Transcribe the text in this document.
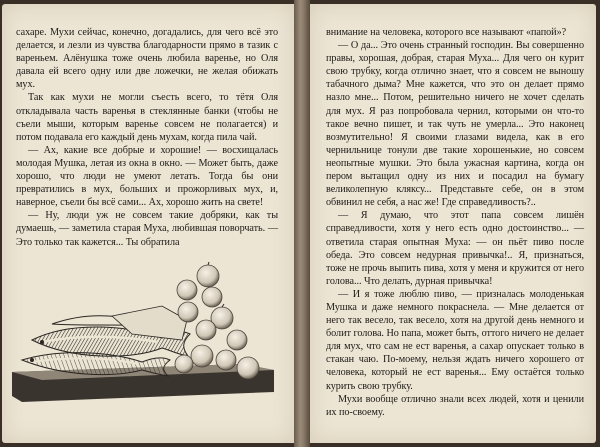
сахаре. Мухи сейчас, конечно, догадались, для чего всё это делается, и лезли из чувства благодарности прямо в тазик с вареньем. Алёнушка тоже очень любила варенье, но Оля давала ей всего одну или две ложечки, не желая обижать мух.

Так как мухи не могли съесть всего, то тётя Оля откладывала часть варенья в стеклянные банки (чтобы не съели мыши, которым варенье совсем не полагается) и потом подавала его каждый день мухам, когда пила чай.

— Ах, какие все добрые и хорошие! — восхищалась молодая Мушка, летая из окна в окно. — Может быть, даже хорошо, что люди не умеют летать. Тогда бы они превратились в мух, больших и прожорливых мух, и, наверное, съели бы всё сами... Ах, хорошо жить на свете!

— Ну, люди уж не совсем такие добряки, как ты думаешь, — заметила старая Муха, любившая поворчать. — Это только так кажется... Ты обратила

внимание на человека, которого все называют «папой»?

— О да... Это очень странный господин. Вы совершенно правы, хорошая, добрая, старая Муха... Для чего он курит свою трубку, когда отлично знает, что я совсем не выношу табачного дыма? Мне кажется, что это он делает прямо назло мне... Потом, решительно ничего не хочет сделать для мух. Я раз попробовала чернил, которыми он что-то такое вечно пишет, и так чуть не умерла... Это наконец возмутительно! Я своими глазами видела, как в его чернильнице тонули две такие хорошенькие, но совсем неопытные мушки. Это была ужасная картина, когда он пером вытащил одну из них и посадил на бумагу великолепную кляксу... Представьте себе, он в этом обвинил не себя, а нас же! Где справедливость?..

— Я думаю, что этот папа совсем лишён справедливости, хотя у него есть одно достоинство... — ответила старая опытная Муха: — он пьёт пиво после обеда. Это совсем недурная привычка!.. Я, признаться, тоже не прочь выпить пива, хотя у меня и кружится от него голова... Что делать, дурная привычка!

— И я тоже люблю пиво, — призналась молоденькая Мушка и даже немного покраснела. — Мне делается от него так весело, так весело, хотя на другой день немного и болит голова. Но папа, может быть, оттого ничего не делает для мух, что сам не ест варенья, а сахар опускает только в стакан чаю. По-моему, нельзя ждать ничего хорошего от человека, который не ест варенья... Ему остаётся только курить свою трубку.

Мухи вообще отлично знали всех людей, хотя и ценили их по-своему.
